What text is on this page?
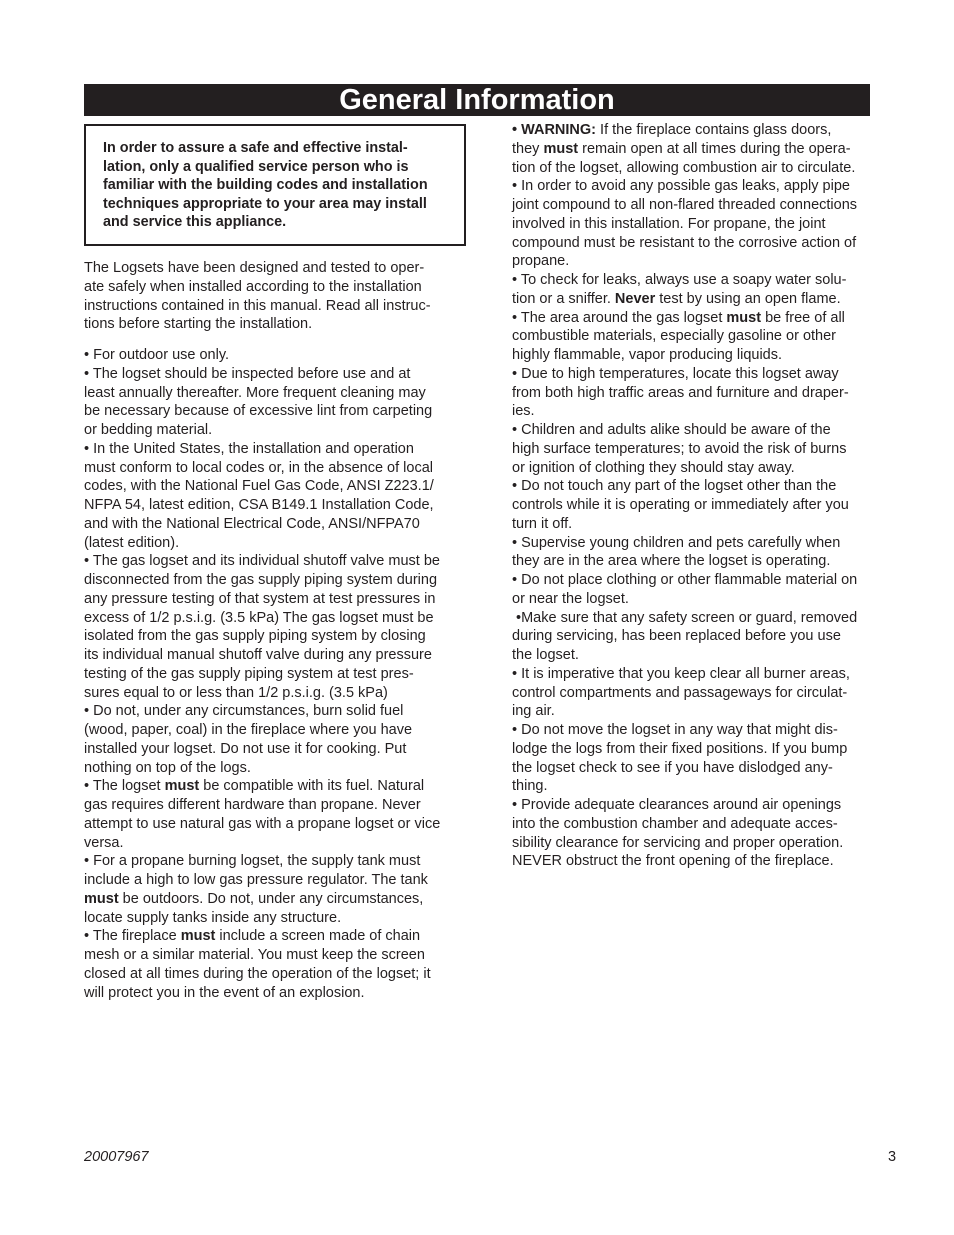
General Information

In order to assure a safe and effective instal-

lation, only a qualified service person who is

familiar with the building codes and installation

techniques appropriate to your area may install

and service this appliance.

The Logsets have been designed and tested to oper-

ate safely when installed according to the installation

instructions contained in this manual. Read all instruc-

tions before starting the installation.

• For outdoor use only.

• The logset should be inspected before use and at

least annually thereafter. More frequent cleaning may

be necessary because of excessive lint from carpeting

or bedding material.

• In the United States, the installation and operation

must conform to local codes or, in the absence of local

codes, with the National Fuel Gas Code, ANSI Z223.1/

NFPA 54, latest edition, CSA B149.1 Installation Code,

and with the National Electrical Code, ANSI/NFPA70

(latest edition).

• The gas logset and its individual shutoff valve must be

disconnected from the gas supply piping system during

any pressure testing of that system at test pressures in

excess of 1/2 p.s.i.g. (3.5 kPa) The gas logset must be

isolated from the gas supply piping system by closing

its individual manual shutoff valve during any pressure

testing of the gas supply piping system at test pres-

sures equal to or less than 1/2 p.s.i.g. (3.5 kPa)

• Do not, under any circumstances, burn solid fuel

(wood, paper, coal) in the fireplace where you have

installed your logset. Do not use it for cooking. Put

nothing on top of the logs.

• The logset must be compatible with its fuel. Natural

gas requires different hardware than propane. Never

attempt to use natural gas with a propane logset or vice

versa.

• For a propane burning logset, the supply tank must

include a high to low gas pressure regulator. The tank

must be outdoors. Do not, under any circumstances,

locate supply tanks inside any structure.

• The fireplace must include a screen made of chain

mesh or a similar material. You must keep the screen

closed at all times during the operation of the logset; it

will protect you in the event of an explosion.

• WARNING: If the fireplace contains glass doors,

they must remain open at all times during the opera-

tion of the logset, allowing combustion air to circulate.

• In order to avoid any possible gas leaks, apply pipe

joint compound to all non-flared threaded connections

involved in this installation. For propane, the joint

compound must be resistant to the corrosive action of

propane.

• To check for leaks, always use a soapy water solu-

tion or a sniffer. Never test by using an open flame.

• The area around the gas logset must be free of all

combustible materials, especially gasoline or other

highly flammable, vapor producing liquids.

• Due to high temperatures, locate this logset away

from both high traffic areas and furniture and draper-

ies.

• Children and adults alike should be aware of the

high surface temperatures; to avoid the risk of burns

or ignition of clothing they should stay away.

• Do not touch any part of the logset other than the

controls while it is operating or immediately after you

turn it off.

• Supervise young children and pets carefully when

they are in the area where the logset is operating.

• Do not place clothing or other flammable material on

or near the logset.

•Make sure that any safety screen or guard, removed

during servicing, has been replaced before you use

the logset.

• It is imperative that you keep clear all burner areas,

control compartments and passageways for circulat-

ing air.

• Do not move the logset in any way that might dis-

lodge the logs from their fixed positions. If you bump

the logset check to see if you have dislodged any-

thing.

• Provide adequate clearances around air openings

into the combustion chamber and adequate acces-

sibility clearance for servicing and proper operation.

NEVER obstruct the front opening of the fireplace.

20007967	3
